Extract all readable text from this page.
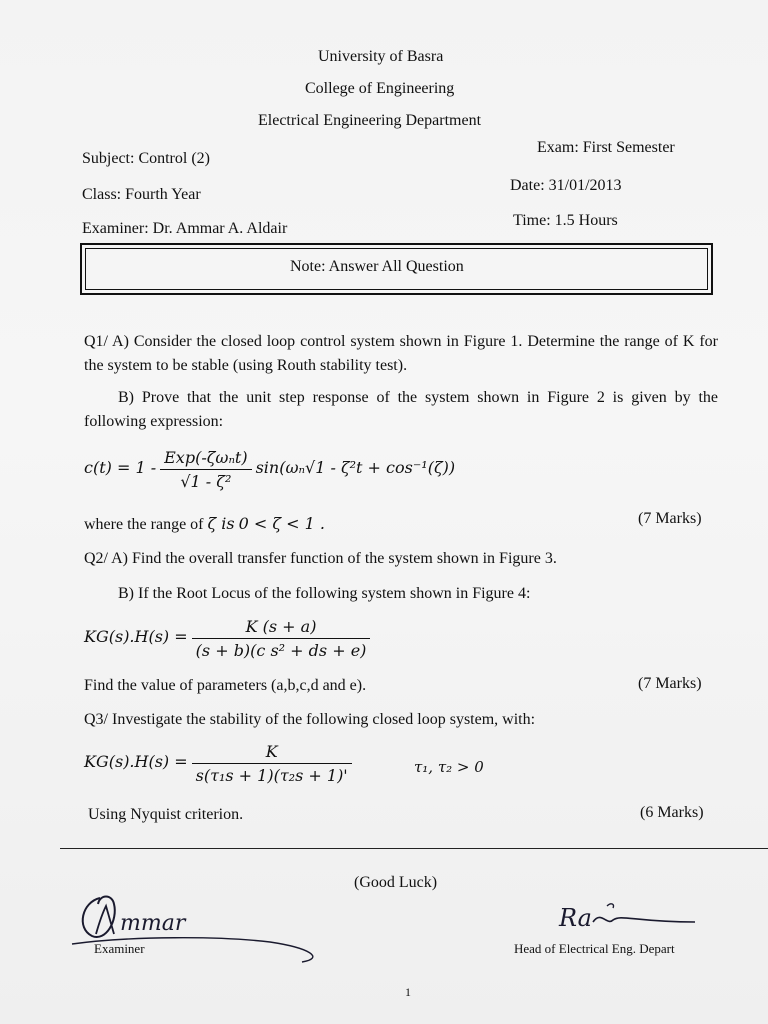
University of Basra
College of Engineering
Electrical Engineering Department
Subject: Control (2)
Class: Fourth Year
Examiner: Dr. Ammar A. Aldair
Exam: First Semester
Date: 31/01/2013
Time: 1.5 Hours
Note: Answer All Question
Q1/ A) Consider the closed loop control system shown in Figure 1. Determine the range of K for the system to be stable (using Routh stability test).
B) Prove that the unit step response of the system shown in Figure 2 is given by the following expression:
$c(t) = 1 - \frac{\text{Exp(-ζωₙt)}}{\text{√1 - ζ²}} \sin(\omega_n√1 - \zeta^2t + \cos^{-1}(\zeta))$
where the range of ζ is 0 < ζ < 1 .	(7 Marks)
Q2/ A) Find the overall transfer function of the system shown in Figure 3.
B) If the Root Locus of the following system shown in Figure 4:
$KG(s).H(s) = \frac{K (s + a)}{\text{(s + b)(c s² + ds + e)}}$
Find the value of parameters (a,b,c,d and e).	(7 Marks)
Q3/ Investigate the stability of the following closed loop system, with:
$KG(s).H(s) = \frac{K}{\text{s(τ₁s + 1)(τ₂s + 1)'}}$	τ₁, τ₂ > 0
Using Nyquist criterion.	(6 Marks)
(Good Luck)
mmar
Examiner
Ra
Head of Electrical Eng. Depart
1
